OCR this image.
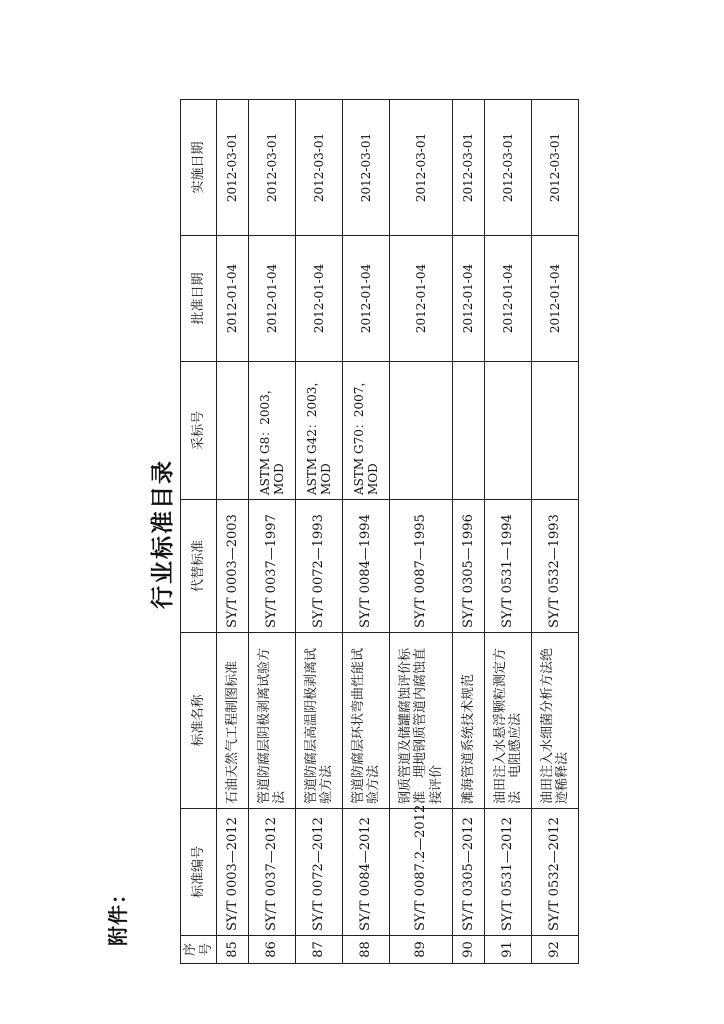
附件：
行业标准目录
序号	标准编号	标准名称	代替标准	采标号	批准日期	实施日期
85	SY/T 0003—2012	石油天然气工程制图标准	SY/T 0003—2003		2012-01-04	2012-03-01
86	SY/T 0037—2012	管道防腐层阴极剥离试验方法	SY/T 0037—1997	ASTM G8：2003，MOD	2012-01-04	2012-03-01
87	SY/T 0072—2012	管道防腐层高温阴极剥离试验方法	SY/T 0072—1993	ASTM G42：2003，MOD	2012-01-04	2012-03-01
88	SY/T 0084—2012	管道防腐层环状弯曲性能试验方法	SY/T 0084—1994	ASTM G70：2007，MOD	2012-01-04	2012-03-01
89	SY/T 0087.2—2012	钢质管道及储罐腐蚀评价标准　埋地钢质管道内腐蚀直接评价	SY/T 0087—1995		2012-01-04	2012-03-01
90	SY/T 0305—2012	滩海管道系统技术规范	SY/T 0305—1996		2012-01-04	2012-03-01
91	SY/T 0531—2012	油田注入水悬浮颗粒测定方法　电阻感应法	SY/T 0531—1994		2012-01-04	2012-03-01
92	SY/T 0532—2012	油田注入水细菌分析方法绝迹稀释法	SY/T 0532—1993		2012-01-04	2012-03-01
